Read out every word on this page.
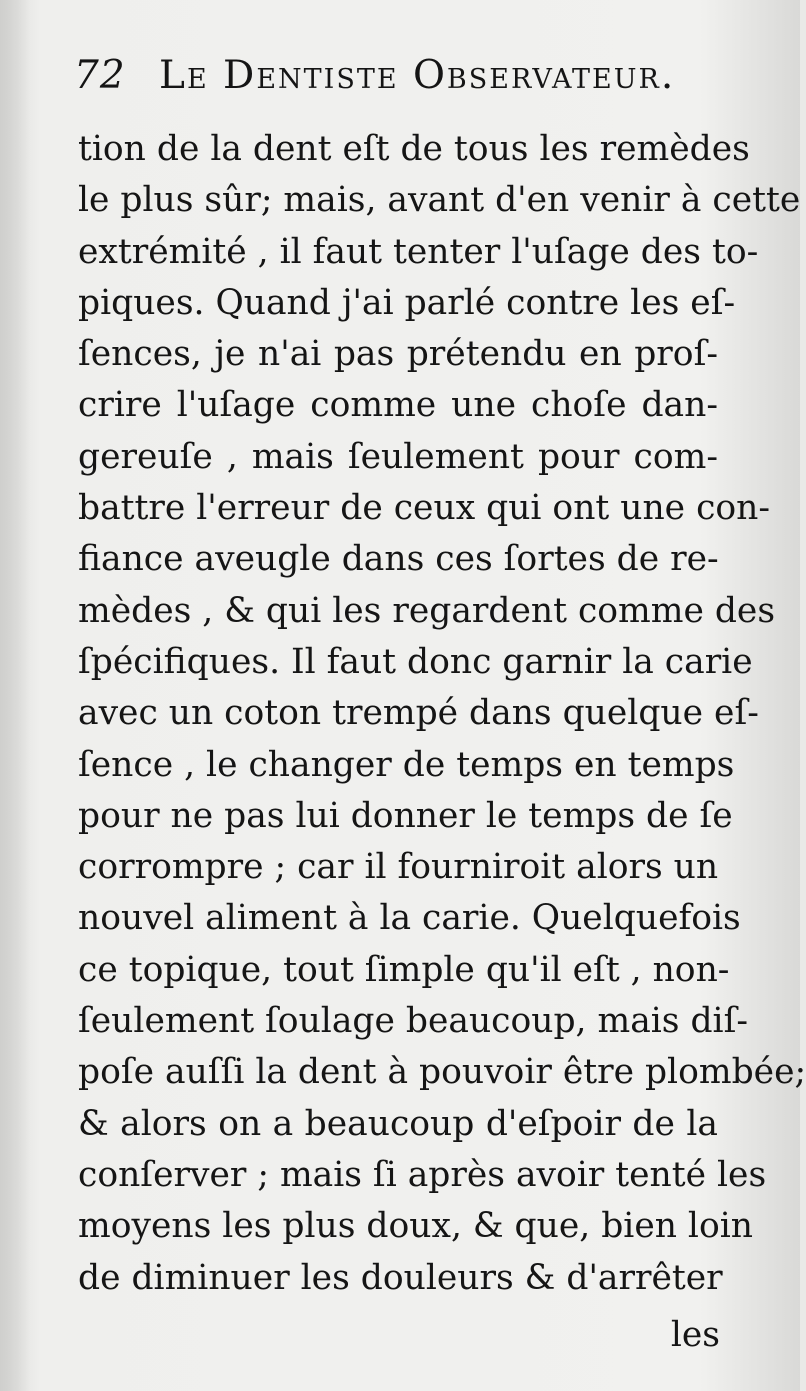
72 Le Dentiste Observateur.
tion de la dent eſt de tous les remèdes
le plus sûr; mais, avant d'en venir à cette
extrémité , il faut tenter l'uſage des to-
piques. Quand j'ai parlé contre les eſ-
ſences, je n'ai pas prétendu en proſ-
crire l'uſage comme une choſe dan-
gereuſe , mais ſeulement pour com-
battre l'erreur de ceux qui ont une con-
fiance aveugle dans ces ſortes de re-
mèdes , & qui les regardent comme des
ſpécifiques. Il faut donc garnir la carie
avec un coton trempé dans quelque eſ-
ſence , le changer de temps en temps
pour ne pas lui donner le temps de ſe
corrompre ; car il fourniroit alors un
nouvel aliment à la carie. Quelquefois
ce topique, tout ſimple qu'il eſt , non-
ſeulement ſoulage beaucoup, mais diſ-
poſe auſſi la dent à pouvoir être plombée;
& alors on a beaucoup d'eſpoir de la
conſerver ; mais ſi après avoir tenté les
moyens les plus doux, & que, bien loin
de diminuer les douleurs & d'arrêter
les
